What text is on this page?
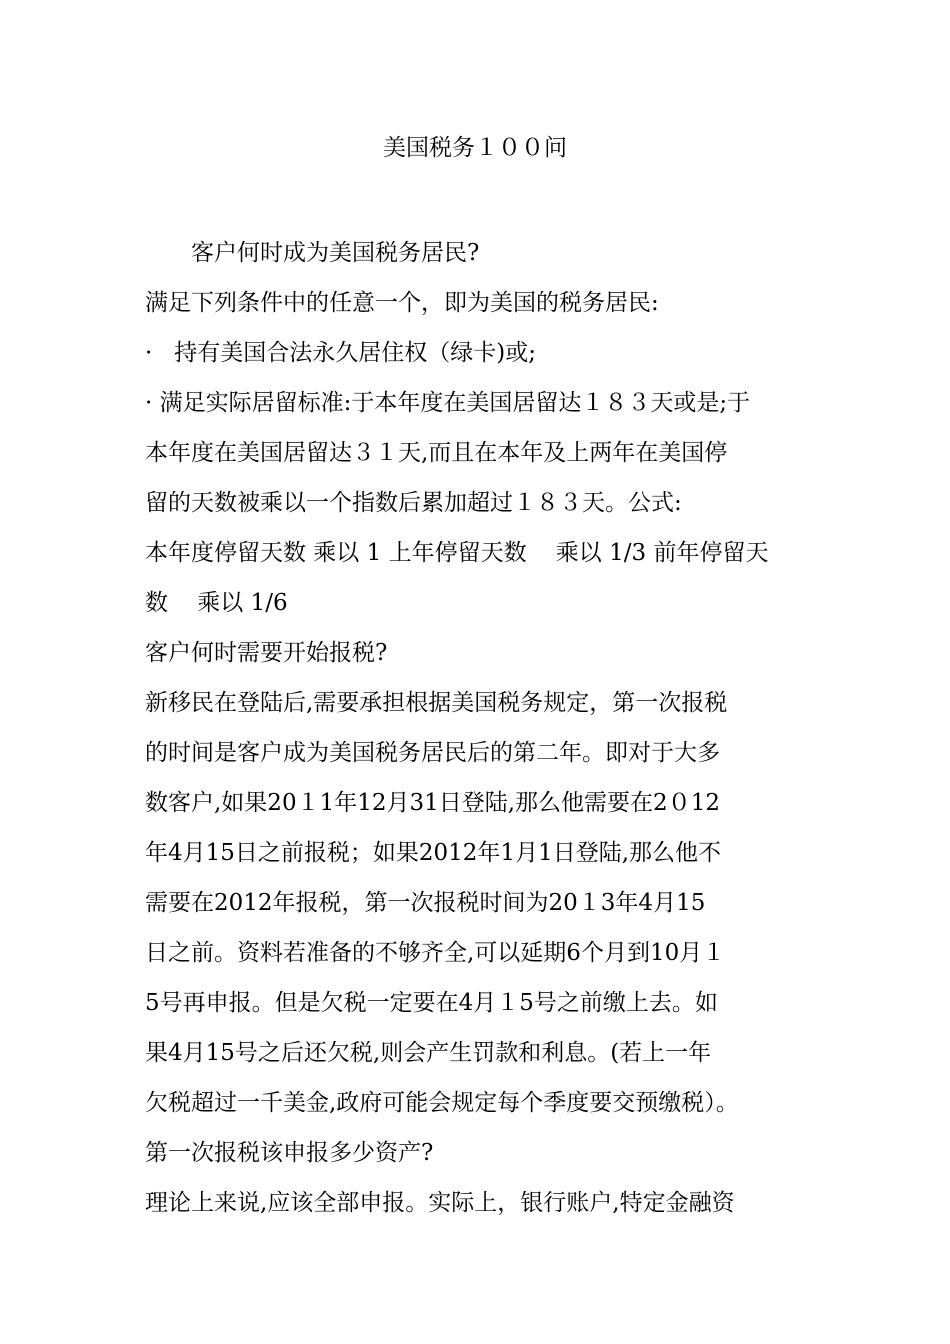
美国税务１００问
客户何时成为美国税务居民?
满足下列条件中的任意一个，即为美国的税务居民:
·   持有美国合法永久居住权（绿卡)或;
· 满足实际居留标准:于本年度在美国居留达１８３天或是;于
本年度在美国居留达３１天,而且在本年及上两年在美国停
留的天数被乘以一个指数后累加超过１８３天。公式:
本年度停留天数 乘以 1 上年停留天数    乘以 1/3 前年停留天
数    乘以 1/6
客户何时需要开始报税?
新移民在登陆后,需要承担根据美国税务规定，第一次报税
的时间是客户成为美国税务居民后的第二年。即对于大多
数客户,如果20１1年12月31日登陆,那么他需要在2０12
年4月15日之前报税；如果2012年1月1日登陆,那么他不
需要在2012年报税，第一次报税时间为20１3年4月15
日之前。资料若准备的不够齐全,可以延期6个月到10月１
5号再申报。但是欠税一定要在4月１5号之前缴上去。如
果4月15号之后还欠税,则会产生罚款和利息。(若上一年
欠税超过一千美金,政府可能会规定每个季度要交预缴税）。
第一次报税该申报多少资产?
理论上来说,应该全部申报。实际上，银行账户,特定金融资
